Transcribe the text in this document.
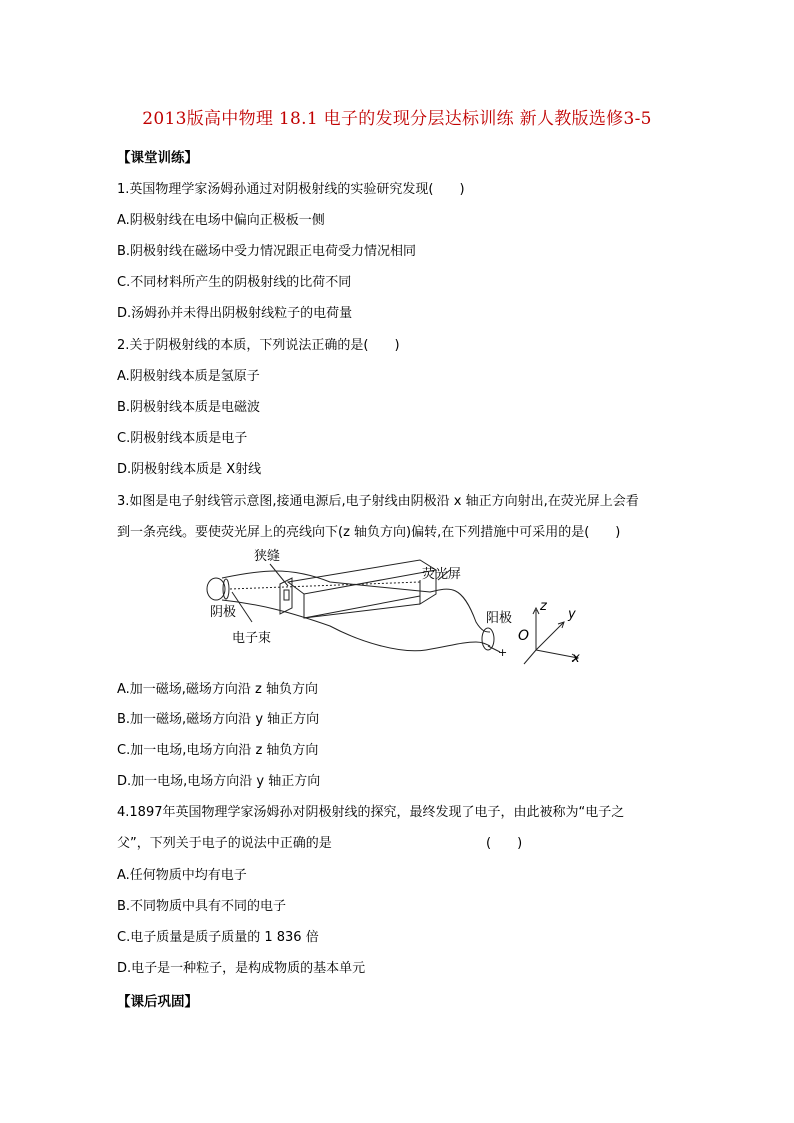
2013版高中物理 18.1 电子的发现分层达标训练 新人教版选修3-5
【课堂训练】
1.英国物理学家汤姆孙通过对阴极射线的实验研究发现(　　)
A.阴极射线在电场中偏向正极板一侧
B.阴极射线在磁场中受力情况跟正电荷受力情况相同
C.不同材料所产生的阴极射线的比荷不同
D.汤姆孙并未得出阴极射线粒子的电荷量
2.关于阴极射线的本质，下列说法正确的是(　　)
A.阴极射线本质是氢原子
B.阴极射线本质是电磁波
C.阴极射线本质是电子
D.阴极射线本质是 X射线
3.如图是电子射线管示意图,接通电源后,电子射线由阴极沿 x 轴正方向射出,在荧光屏上会看
到一条亮线。要使荧光屏上的亮线向下(z 轴负方向)偏转,在下列措施中可采用的是(　　)
狭缝
荧光屏
阴极	阳极
电子束	O
x
y
z
+
A.加一磁场,磁场方向沿 z 轴负方向
B.加一磁场,磁场方向沿 y 轴正方向
C.加一电场,电场方向沿 z 轴负方向
D.加一电场,电场方向沿 y 轴正方向
4.1897年英国物理学家汤姆孙对阴极射线的探究，最终发现了电子，由此被称为“电子之
父”，下列关于电子的说法中正确的是	(　　)
A.任何物质中均有电子
B.不同物质中具有不同的电子
C.电子质量是质子质量的 1 836 倍
D.电子是一种粒子，是构成物质的基本单元
【课后巩固】
